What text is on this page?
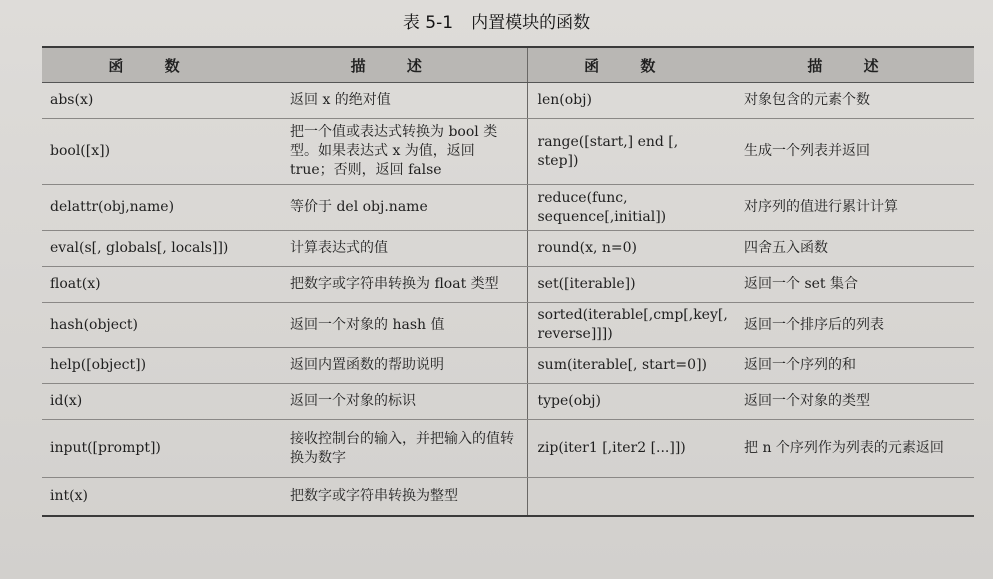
表 5-1 内置模块的函数
函 数	描 述	函 数	描 述
abs(x)	返回 x 的绝对值	len(obj)	对象包含的元素个数
bool([x])	把一个值或表达式转换为 bool 类型。如果表达式 x 为值，返回 true；否则，返回 false	range([start,] end [, step])	生成一个列表并返回
delattr(obj,name)	等价于 del obj.name	reduce(func, sequence[,initial])	对序列的值进行累计计算
eval(s[, globals[, locals]])	计算表达式的值	round(x, n=0)	四舍五入函数
float(x)	把数字或字符串转换为 float 类型	set([iterable])	返回一个 set 集合
hash(object)	返回一个对象的 hash 值	sorted(iterable[,cmp[,key[, reverse]]])	返回一个排序后的列表
help([object])	返回内置函数的帮助说明	sum(iterable[, start=0])	返回一个序列的和
id(x)	返回一个对象的标识	type(obj)	返回一个对象的类型
input([prompt])	接收控制台的输入，并把输入的值转换为数字	zip(iter1 [,iter2 [...]])	把 n 个序列作为列表的元素返回
int(x)	把数字或字符串转换为整型		
